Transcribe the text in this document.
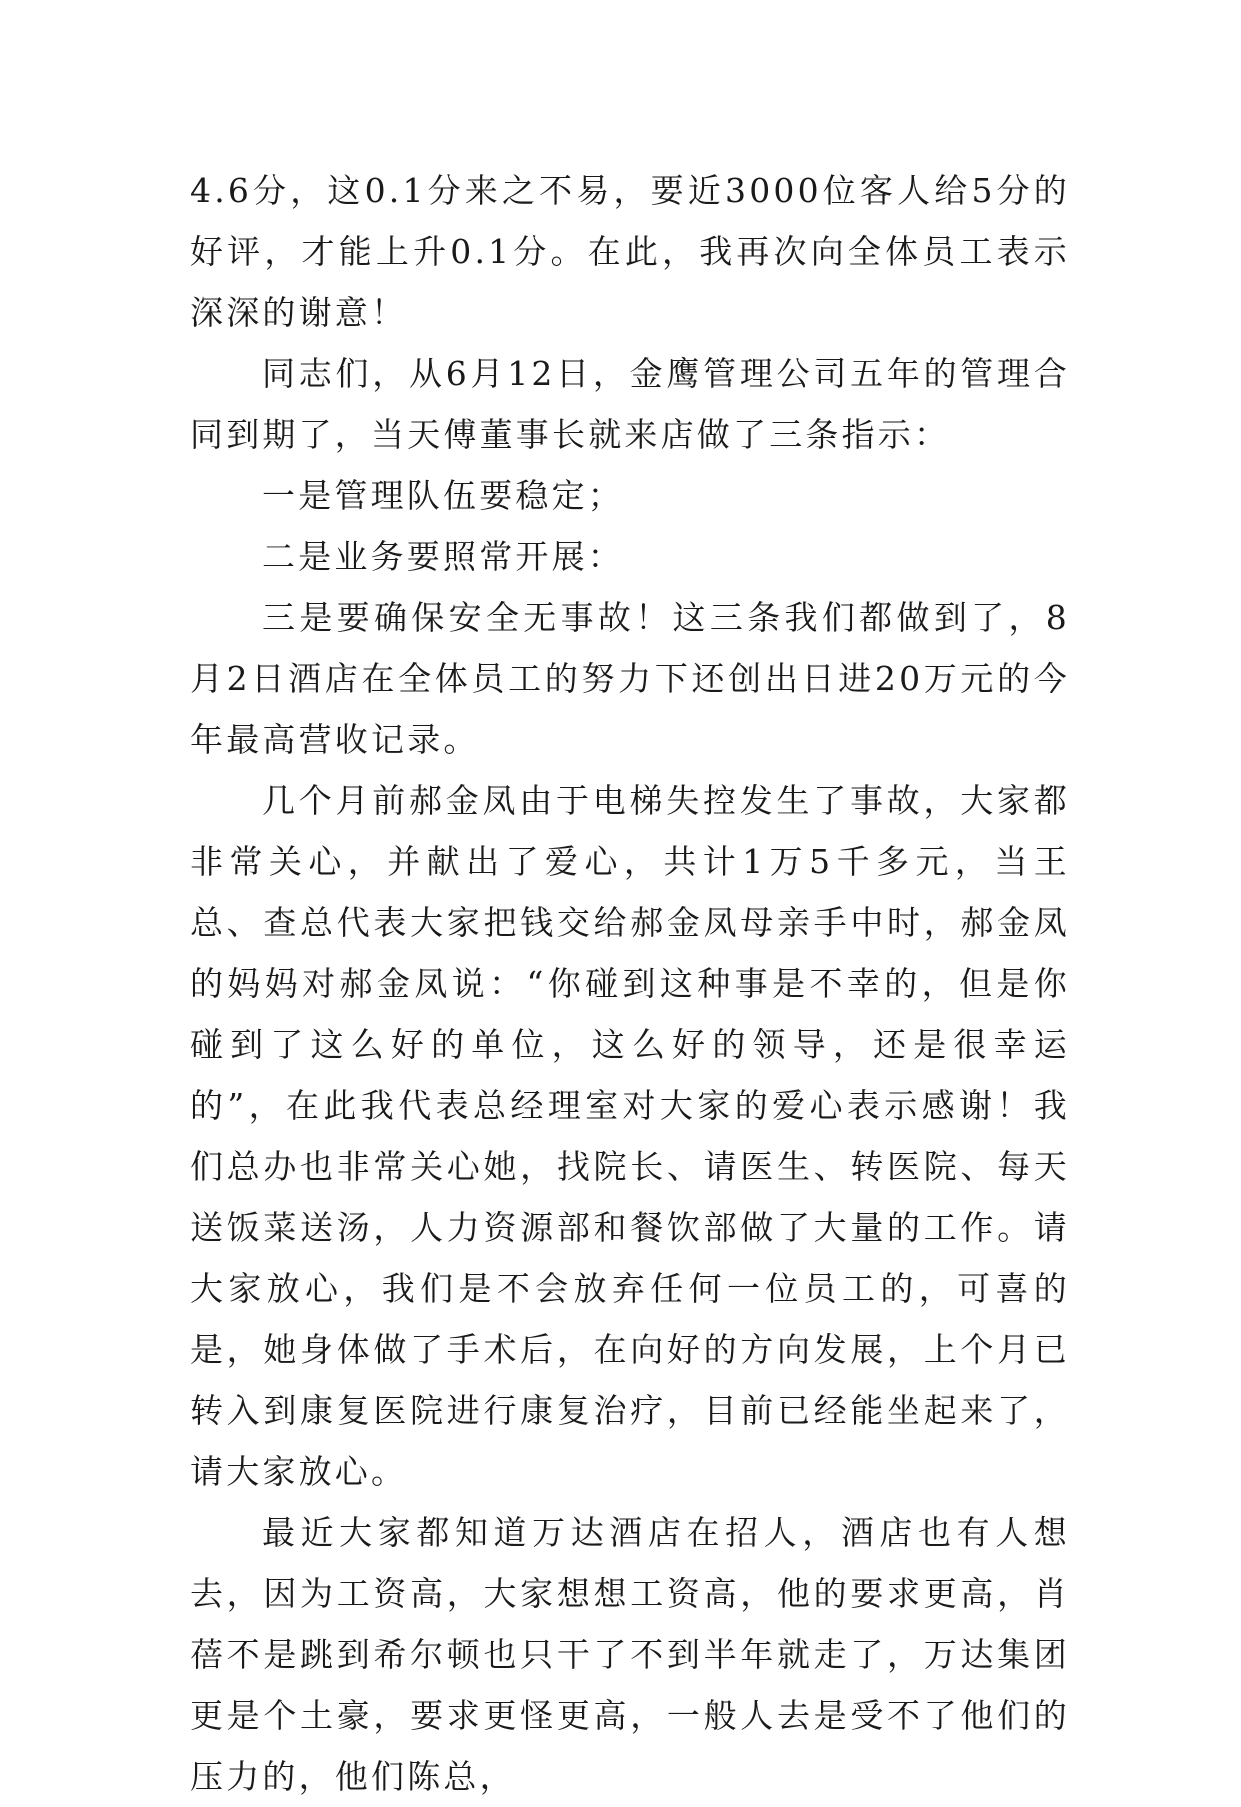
4.6分，这0.1分来之不易，要近3000位客人给5分的好评，才能上升0.1分。在此，我再次向全体员工表示深深的谢意！

同志们，从6月12日，金鹰管理公司五年的管理合同到期了，当天傅董事长就来店做了三条指示：

一是管理队伍要稳定；

二是业务要照常开展：

三是要确保安全无事故！这三条我们都做到了，8月2日酒店在全体员工的努力下还创出日进20万元的今年最高营收记录。

几个月前郝金凤由于电梯失控发生了事故，大家都非常关心，并献出了爱心，共计1万5千多元，当王总、查总代表大家把钱交给郝金凤母亲手中时，郝金凤的妈妈对郝金凤说：“你碰到这种事是不幸的，但是你碰到了这么好的单位，这么好的领导，还是很幸运的”，在此我代表总经理室对大家的爱心表示感谢！我们总办也非常关心她，找院长、请医生、转医院、每天送饭菜送汤，人力资源部和餐饮部做了大量的工作。请大家放心，我们是不会放弃任何一位员工的，可喜的是，她身体做了手术后，在向好的方向发展，上个月已转入到康复医院进行康复治疗，目前已经能坐起来了，请大家放心。

最近大家都知道万达酒店在招人，酒店也有人想去，因为工资高，大家想想工资高，他的要求更高，肖蓓不是跳到希尔顿也只干了不到半年就走了，万达集团更是个土豪，要求更怪更高，一般人去是受不了他们的压力的，他们陈总，
